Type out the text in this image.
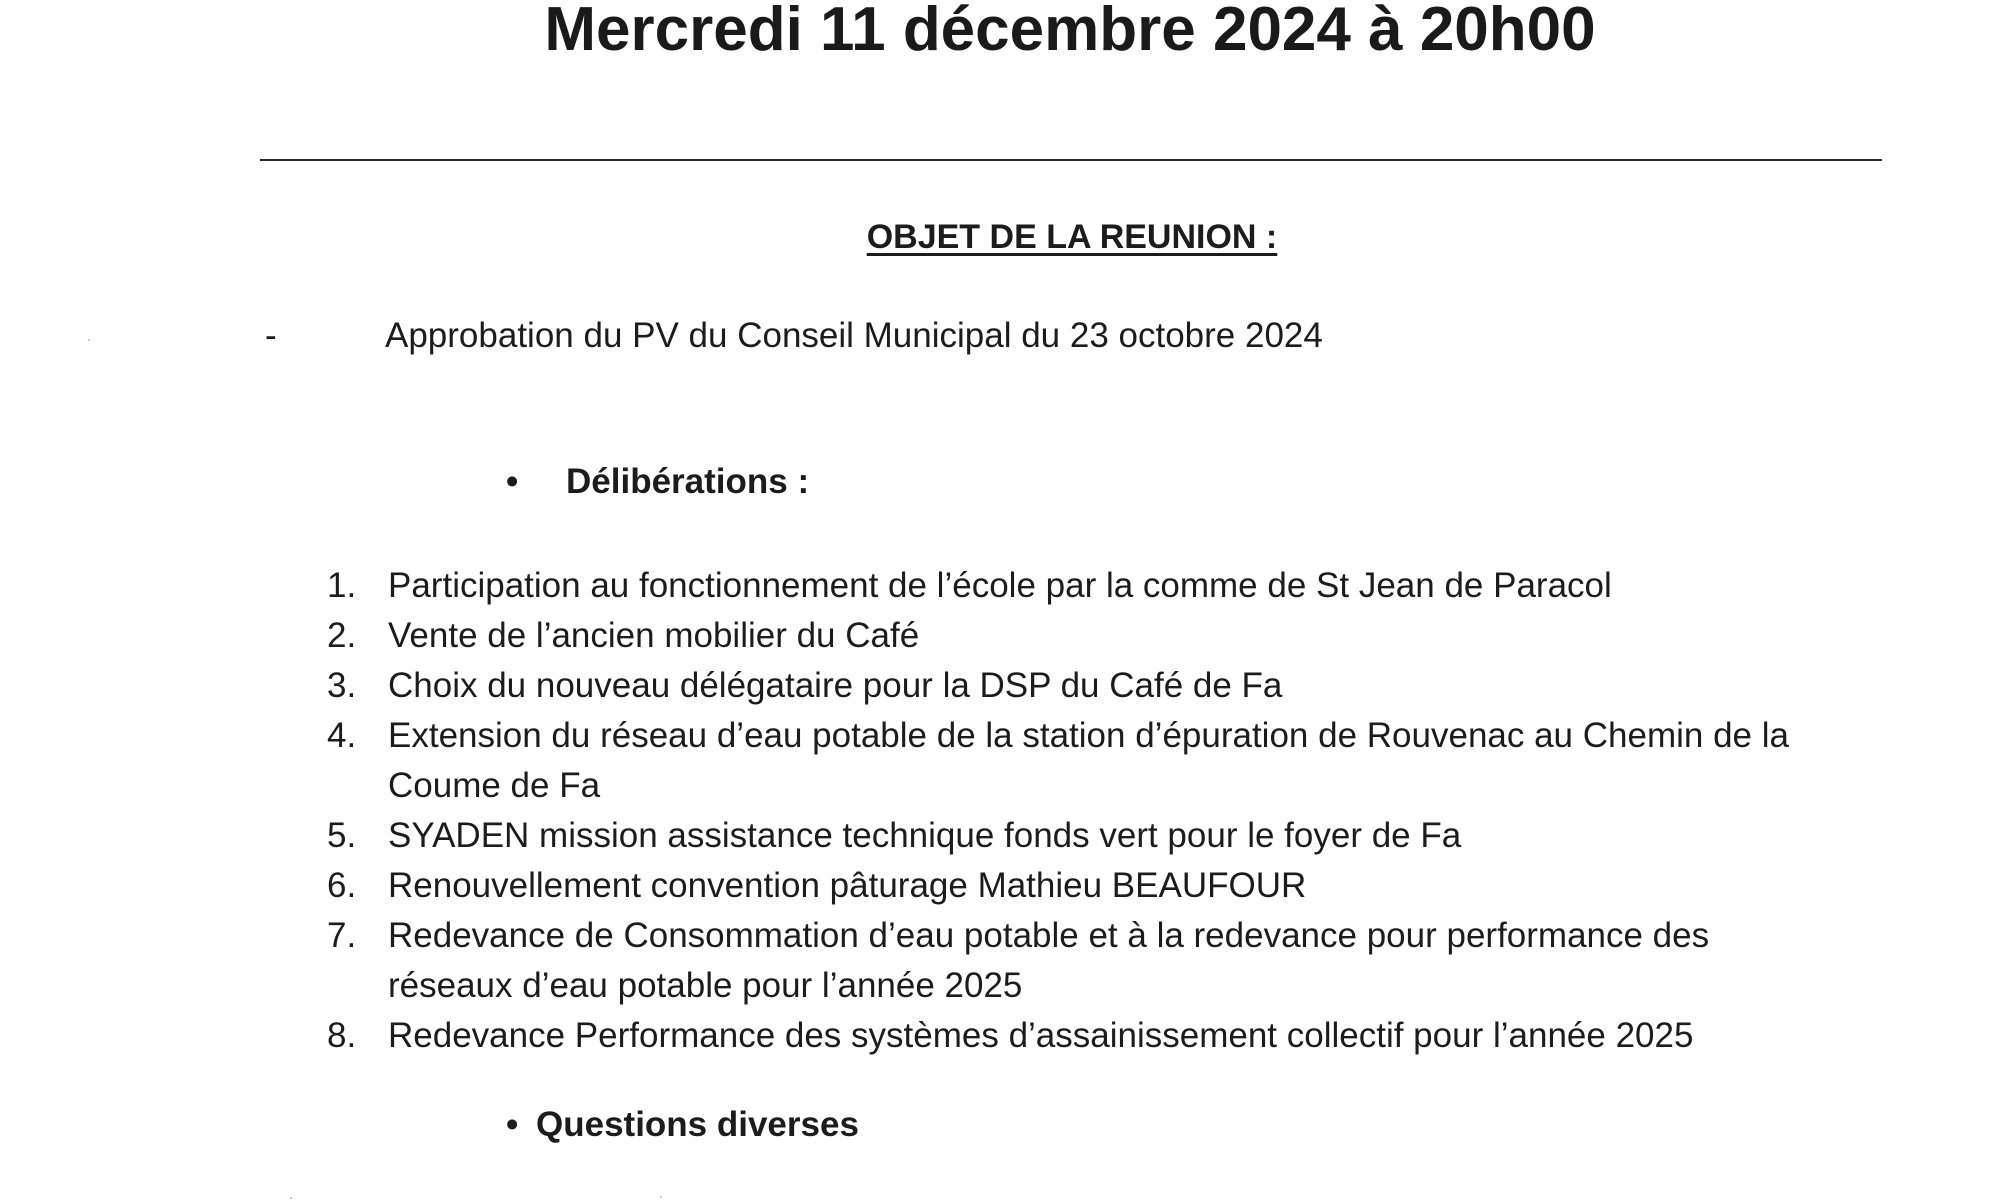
Mercredi 11 décembre 2024 à 20h00
OBJET DE LA REUNION :
-	Approbation du PV du Conseil Municipal du 23 octobre 2024
• Délibérations :
1. Participation au fonctionnement de l’école par la comme de St Jean de Paracol
2. Vente de l’ancien mobilier du Café
3. Choix du nouveau délégataire pour la DSP du Café de Fa
4. Extension du réseau d’eau potable de la station d’épuration de Rouvenac au Chemin de la Coume de Fa
5. SYADEN mission assistance technique fonds vert pour le foyer de Fa
6. Renouvellement convention pâturage Mathieu BEAUFOUR
7. Redevance de Consommation d’eau potable et à la redevance pour performance des réseaux d’eau potable pour l’année 2025
8. Redevance Performance des systèmes d’assainissement collectif pour l’année 2025
• Questions diverses
